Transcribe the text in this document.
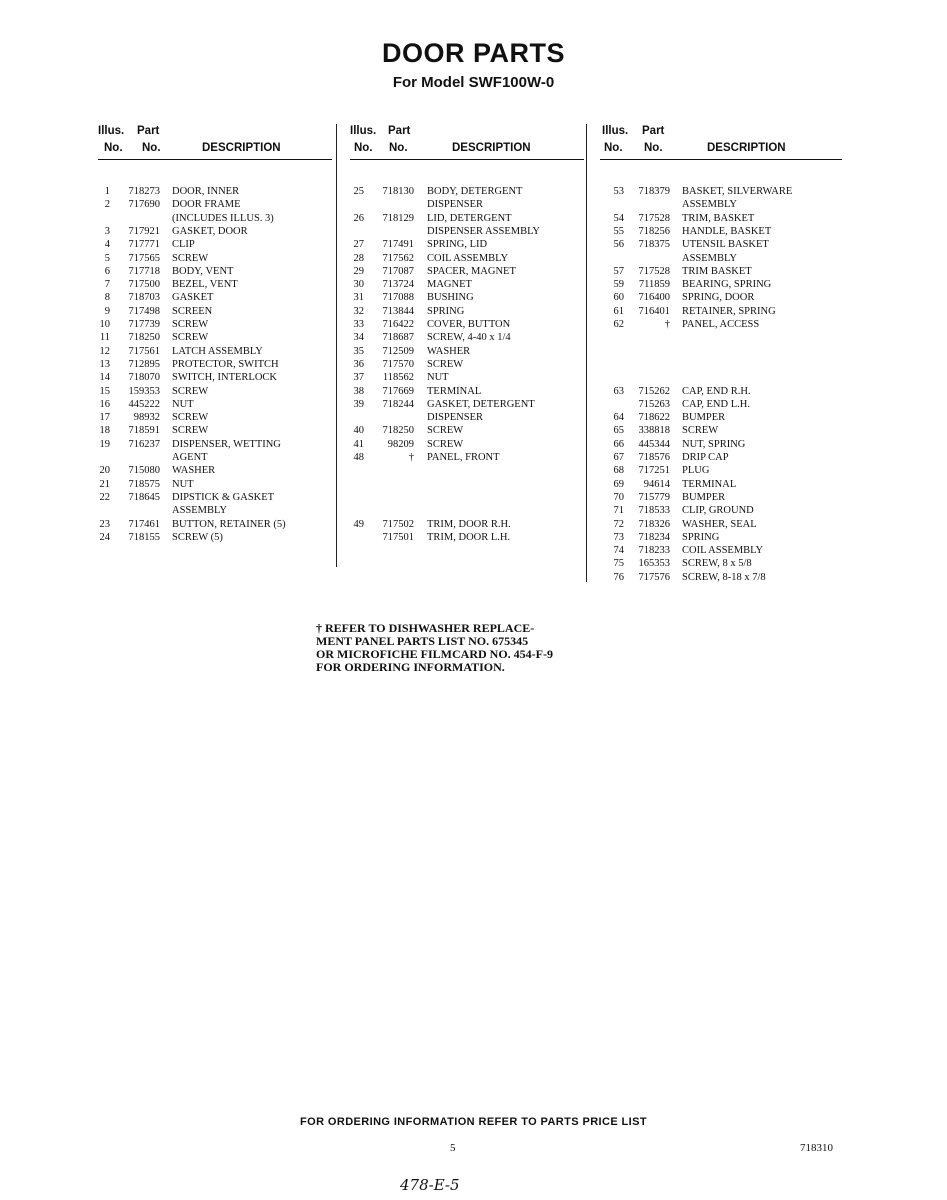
DOOR PARTS
For Model SWF100W-0
Illus. Part
No. No.	DESCRIPTION
1	718273 DOOR, INNER
2	717690 DOOR FRAME
(INCLUDES ILLUS. 3)
3	717921 GASKET, DOOR
4	717771 CLIP
5	717565 SCREW
6	717718 BODY, VENT
7	717500 BEZEL, VENT
8	718703 GASKET
9	717498 SCREEN
10	717739 SCREW
11	718250 SCREW
12	717561 LATCH ASSEMBLY
13	712895 PROTECTOR, SWITCH
14	718070 SWITCH, INTERLOCK
15	159353 SCREW
16	445222 NUT
17	98932 SCREW
18	718591 SCREW
19	716237 DISPENSER, WETTING
AGENT
20	715080 WASHER
21	718575 NUT
22	718645 DIPSTICK & GASKET
ASSEMBLY
23	717461 BUTTON, RETAINER (5)
24	718155 SCREW (5)
Illus. Part
No. No.	DESCRIPTION
25	718130 BODY, DETERGENT
DISPENSER
26	718129 LID, DETERGENT
DISPENSER ASSEMBLY
27	717491 SPRING, LID
28	717562 COIL ASSEMBLY
29	717087 SPACER, MAGNET
30	713724 MAGNET
31	717088 BUSHING
32	713844 SPRING
33	716422 COVER, BUTTON
34	718687 SCREW, 4-40 x 1/4
35	712509 WASHER
36	717570 SCREW
37	118562 NUT
38	717669 TERMINAL
39	718244 GASKET, DETERGENT
DISPENSER
40	718250 SCREW
41	98209 SCREW
48	† PANEL, FRONT
49	717502 TRIM, DOOR R.H.
717501 TRIM, DOOR L.H.
Illus. Part
No. No.	DESCRIPTION
53	718379 BASKET, SILVERWARE
ASSEMBLY
54	717528 TRIM, BASKET
55	718256 HANDLE, BASKET
56	718375 UTENSIL BASKET
ASSEMBLY
57	717528 TRIM BASKET
59	711859 BEARING, SPRING
60	716400 SPRING, DOOR
61	716401 RETAINER, SPRING
62	† PANEL, ACCESS
63	715262 CAP, END R.H.
715263 CAP, END L.H.
64	718622 BUMPER
65	338818 SCREW
66	445344 NUT, SPRING
67	718576 DRIP CAP
68	717251 PLUG
69	94614 TERMINAL
70	715779 BUMPER
71	718533 CLIP, GROUND
72	718326 WASHER, SEAL
73	718234 SPRING
74	718233 COIL ASSEMBLY
75	165353 SCREW, 8 x 5/8
76	717576 SCREW, 8-18 x 7/8
† REFER TO DISHWASHER REPLACE-
MENT PANEL PARTS LIST NO. 675345
OR MICROFICHE FILMCARD NO. 454-F-9
FOR ORDERING INFORMATION.
FOR ORDERING INFORMATION REFER TO PARTS PRICE LIST
5	718310
478-E-5
